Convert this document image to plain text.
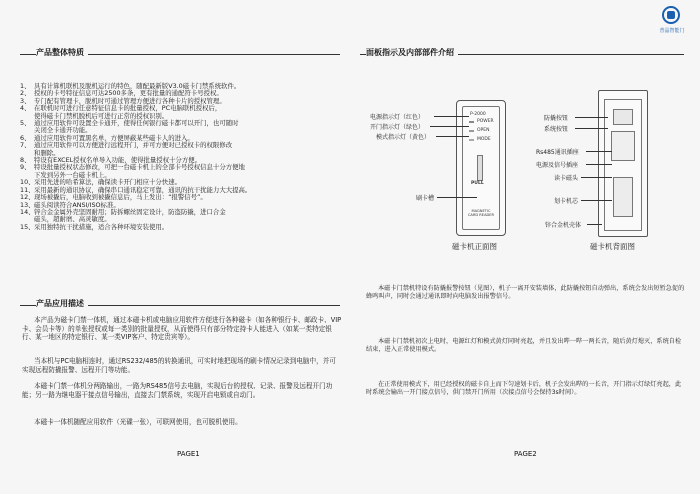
普晶智能门
产品整体特质
1、 具有计算机联机及脱机运行的特色，随配最新版V3.0磁卡门禁系统软件。
2、 授权的卡号特征信息可达2500多条，更有批量的通配符卡号授权。
3、 专门配有管理卡，脱机时可通过管理方便进行各种卡片的授权管理。
4、 在联机时可进行任意特征信息卡的批量授权，PC电脑联机授权后，
使得磁卡门禁机脱机后可进行正常的授权识别。
5、 通过应用软件可设置全卡通开，使得任何银行磁卡都可以开门，也可随时
关闭全卡通开功能。
6、 通过应用软件可置黑名单，方便屏蔽某些磁卡人的进入。
7、 通过应用软件可以方便进行远程开门，并可方便对已授权卡的权限修改
和删除。
8、 特设有EXCEL授权名单导入功能，使得批量授权十分方便。
9、 特设批量授权状态修改，可把一台磁卡机上的全部卡号授权信息十分方便地
下发到另外一台磁卡机上。
10、采用先进的哈希算法，确保读卡开门相应十分快速。
11、采用最新的通讯协议，确保串口通讯稳定可靠，通讯的抗干扰能力大大提高。
12、现场被撬后，电脑收到被撬信息后，马上发出：“报警信号”。
13、磁头阅读符合ANSI/ISO标准。
14、锌合金金属外壳坚固耐用；防拆螺丝固定设计，防盗防撬，进口合金
磁头，超耐磨、高灵敏度。
15、采用独特抗干扰措施，适合各种环境安装使用。
产品应用描述

本产品为磁卡门禁一体机，通过本磁卡机或电脑应用软件方便进行各种磁卡（如各种银行卡、邮政卡、VIP卡、会员卡等）的单张授权或每一类别的批量授权，从而使得只有部分特定持卡人能进入（如某一类特定银行、某一地区的特定银行、某一类VIP客户、特定贵宾等）。

当本机与PC电脑相连时，通过RS232/485的转换通讯，可实时地把现场的刷卡情况记录到电脑中，并可实现远程防撬报警、远程开门等功能。

本磁卡门禁一体机分两路输出，一路为RS485信号去电脑，实现后台的授权、记录、报警及远程开门功能；另一路为继电器干接点信号输出，直接去门禁系统，实现开启电锁或自动门。

本磁卡一体机随配应用软件（光碟一张），可联网使用，也可脱机使用。

PAGE1
面板指示及内部部件介绍
P-2000
POWER
OPEN
MODE
PULL
MAGNETIC CARD READER
电源指示灯（红色）
开门指示灯（绿色）
模式指示灯（黄色）
刷卡槽
磁卡机正面图
防撬按钮
系统按钮
Rs485通讯插座
电源及信号插座
读卡磁头
划卡机芯
锌合金机壳体
磁卡机背面图

本磁卡门禁机特设有防撬报警按钮（见图），机子一离开安装墙体，此防撬按钮自动弹出，系统会发出短暂急促的蜂鸣叫声，同时会通过通讯即时向电脑发出报警信号。

本磁卡门禁机初次上电时，电源红灯和模式黄灯同时亮起，并且发出哔一哔一两长音，随后黄灯熄灭，系统自检结束，进入正常使用模式。

在正常使用模式下，用已经授权的磁卡自上而下匀速划卡后，机子会发出哔的一长音，开门指示灯绿灯亮起，此时系统会输出一开门接点信号，供门禁开门所用（次接点信号会保持3s时间）。

PAGE2
